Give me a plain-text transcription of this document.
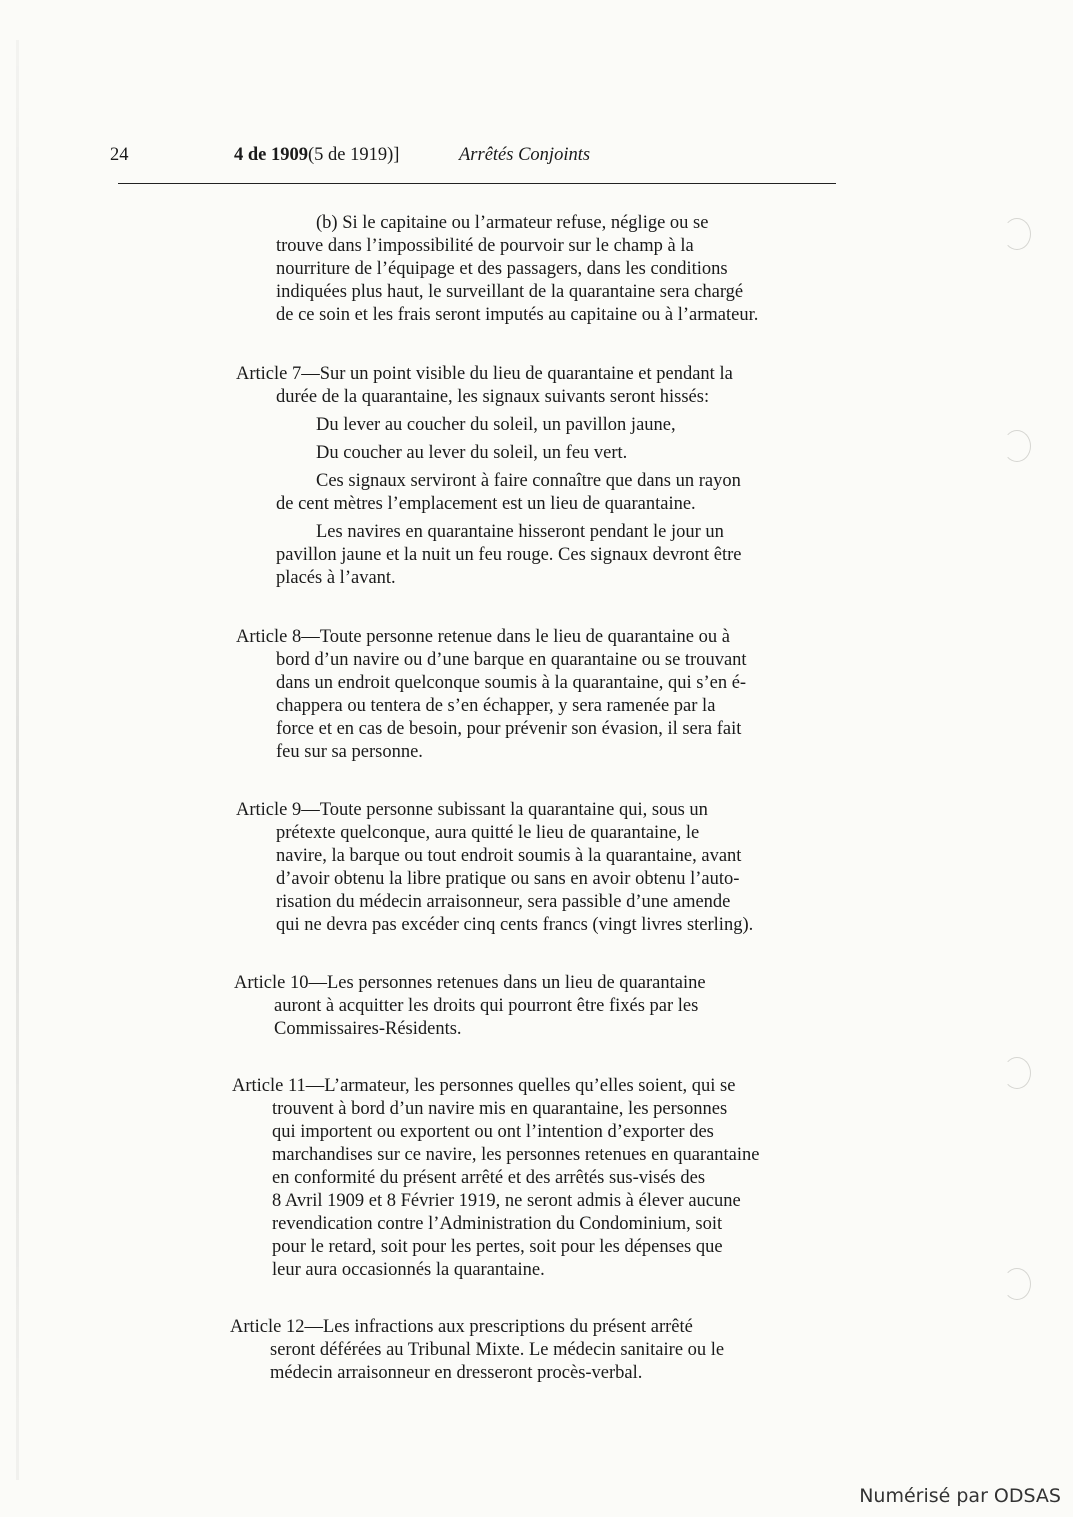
24	4 de 1909(5 de 1919)]	Arrêtés Conjoints
(b) Si le capitaine ou l’armateur refuse, néglige ou se
trouve dans l’impossibilité de pourvoir sur le champ à la
nourriture de l’équipage et des passagers, dans les conditions
indiquées plus haut, le surveillant de la quarantaine sera chargé
de ce soin et les frais seront imputés au capitaine ou à l’armateur.
Article 7—Sur un point visible du lieu de quarantaine et pendant la
durée de la quarantaine, les signaux suivants seront hissés:
Du lever au coucher du soleil, un pavillon jaune,
Du coucher au lever du soleil, un feu vert.
Ces signaux serviront à faire connaître que dans un rayon
de cent mètres l’emplacement est un lieu de quarantaine.
Les navires en quarantaine hisseront pendant le jour un
pavillon jaune et la nuit un feu rouge. Ces signaux devront être
placés à l’avant.
Article 8—Toute personne retenue dans le lieu de quarantaine ou à
bord d’un navire ou d’une barque en quarantaine ou se trouvant
dans un endroit quelconque soumis à la quarantaine, qui s’en é-
chappera ou tentera de s’en échapper, y sera ramenée par la
force et en cas de besoin, pour prévenir son évasion, il sera fait
feu sur sa personne.
Article 9—Toute personne subissant la quarantaine qui, sous un
prétexte quelconque, aura quitté le lieu de quarantaine, le
navire, la barque ou tout endroit soumis à la quarantaine, avant
d’avoir obtenu la libre pratique ou sans en avoir obtenu l’auto-
risation du médecin arraisonneur, sera passible d’une amende
qui ne devra pas excéder cinq cents francs (vingt livres sterling).
Article 10—Les personnes retenues dans un lieu de quarantaine
auront à acquitter les droits qui pourront être fixés par les
Commissaires-Résidents.
Article 11—L’armateur, les personnes quelles qu’elles soient, qui se
trouvent à bord d’un navire mis en quarantaine, les personnes
qui importent ou exportent ou ont l’intention d’exporter des
marchandises sur ce navire, les personnes retenues en quarantaine
en conformité du présent arrêté et des arrêtés sus-visés des
8 Avril 1909 et 8 Février 1919, ne seront admis à élever aucune
revendication contre l’Administration du Condominium, soit
pour le retard, soit pour les pertes, soit pour les dépenses que
leur aura occasionnés la quarantaine.
Article 12—Les infractions aux prescriptions du présent arrêté
seront déférées au Tribunal Mixte. Le médecin sanitaire ou le
médecin arraisonneur en dresseront procès-verbal.
Numérisé par ODSAS
